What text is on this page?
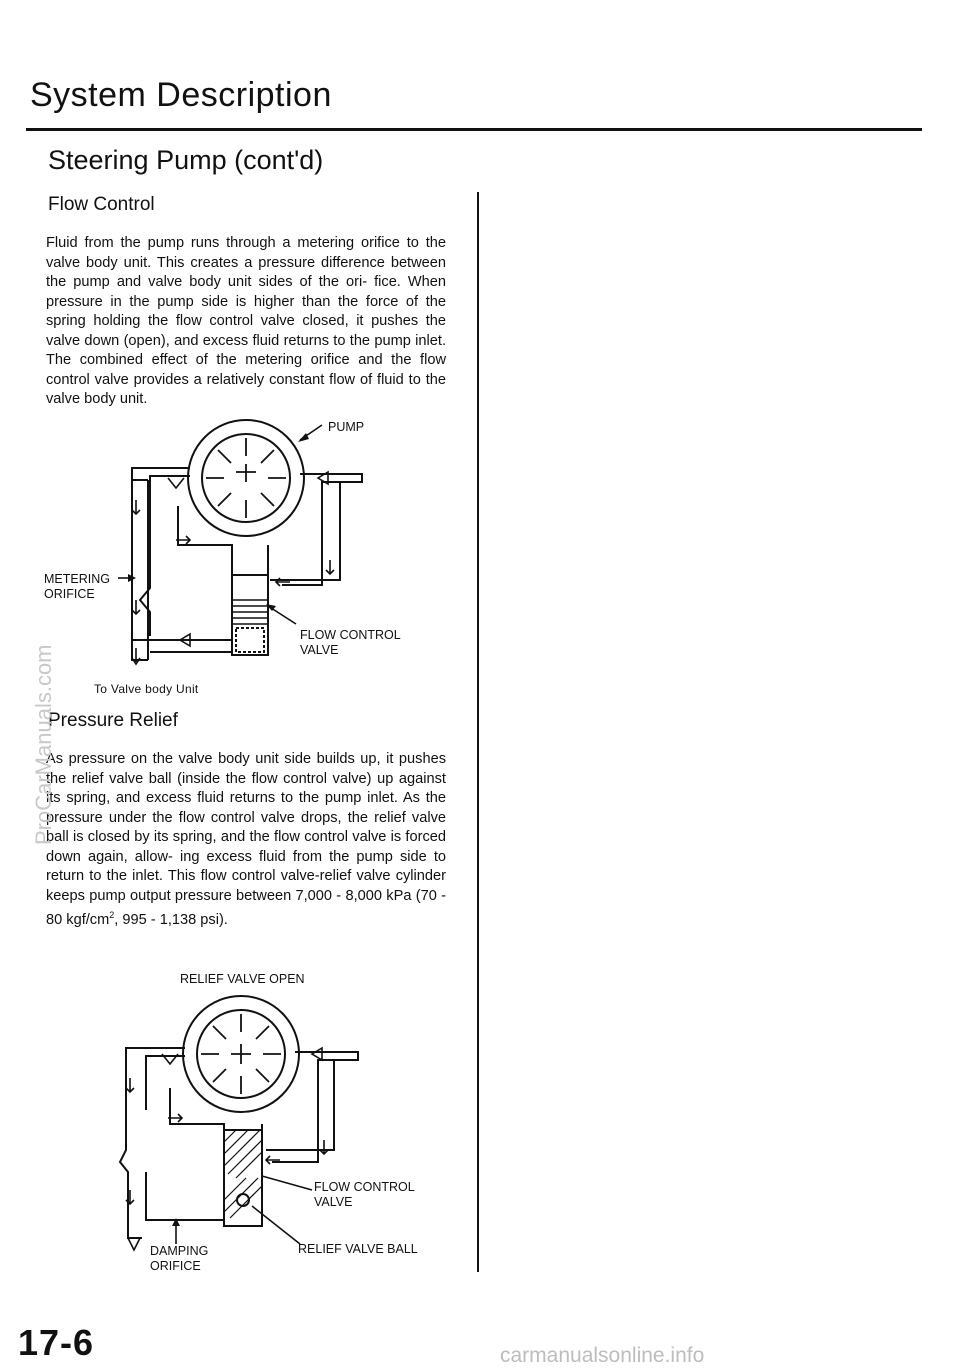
System Description
Steering Pump (cont'd)
Flow Control
Fluid from the pump runs through a metering orifice to the valve body unit. This creates a pressure difference between the pump and valve body unit sides of the ori- fice. When pressure in the pump side is higher than the force of the spring holding the flow control valve closed, it pushes the valve down (open), and excess fluid returns to the pump inlet. The combined effect of the metering orifice and the flow control valve provides a relatively constant flow of fluid to the valve body unit.
PUMP
METERING
ORIFICE
FLOW CONTROL
VALVE
To Valve body Unit
Pressure Relief
As pressure on the valve body unit side builds up, it pushes the relief valve ball (inside the flow control valve) up against its spring, and excess fluid returns to the pump inlet. As the pressure under the flow control valve drops, the relief valve ball is closed by its spring, and the flow control valve is forced down again, allow- ing excess fluid from the pump side to return to the inlet. This flow control valve-relief valve cylinder keeps pump output pressure between 7,000 - 8,000 kPa (70 - 80 kgf/$cm^2$, 995 - 1,138 psi).
RELIEF VALVE OPEN
FLOW CONTROL
VALVE
DAMPING
ORIFICE
RELIEF VALVE BALL
17-6
ProCarManuals.com
carmanualsonline.info
